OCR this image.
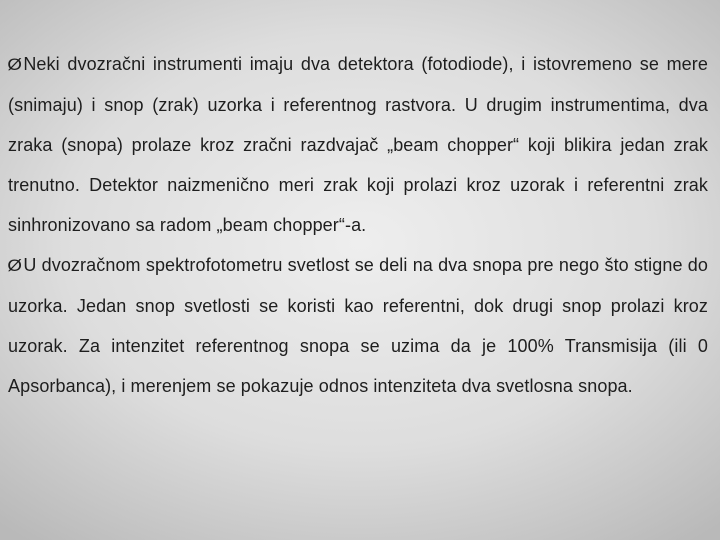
ØNeki dvozračni instrumenti imaju dva detektora (fotodiode), i istovremeno se mere (snimaju) i snop (zrak) uzorka i referentnog rastvora. U drugim instrumentima, dva zraka (snopa) prolaze kroz zračni razdvajač „beam chopper“ koji blikira jedan zrak trenutno. Detektor naizmenično meri zrak koji prolazi kroz uzorak i referentni zrak sinhronizovano sa radom „beam chopper“-a.

ØU dvozračnom spektrofotometru svetlost se deli na dva snopa pre nego što stigne do uzorka. Jedan snop svetlosti se koristi kao referentni, dok drugi snop prolazi kroz uzorak. Za intenzitet referentnog snopa se uzima da je 100% Transmisija (ili 0 Apsorbanca), i merenjem se pokazuje odnos intenziteta dva svetlosna snopa.
